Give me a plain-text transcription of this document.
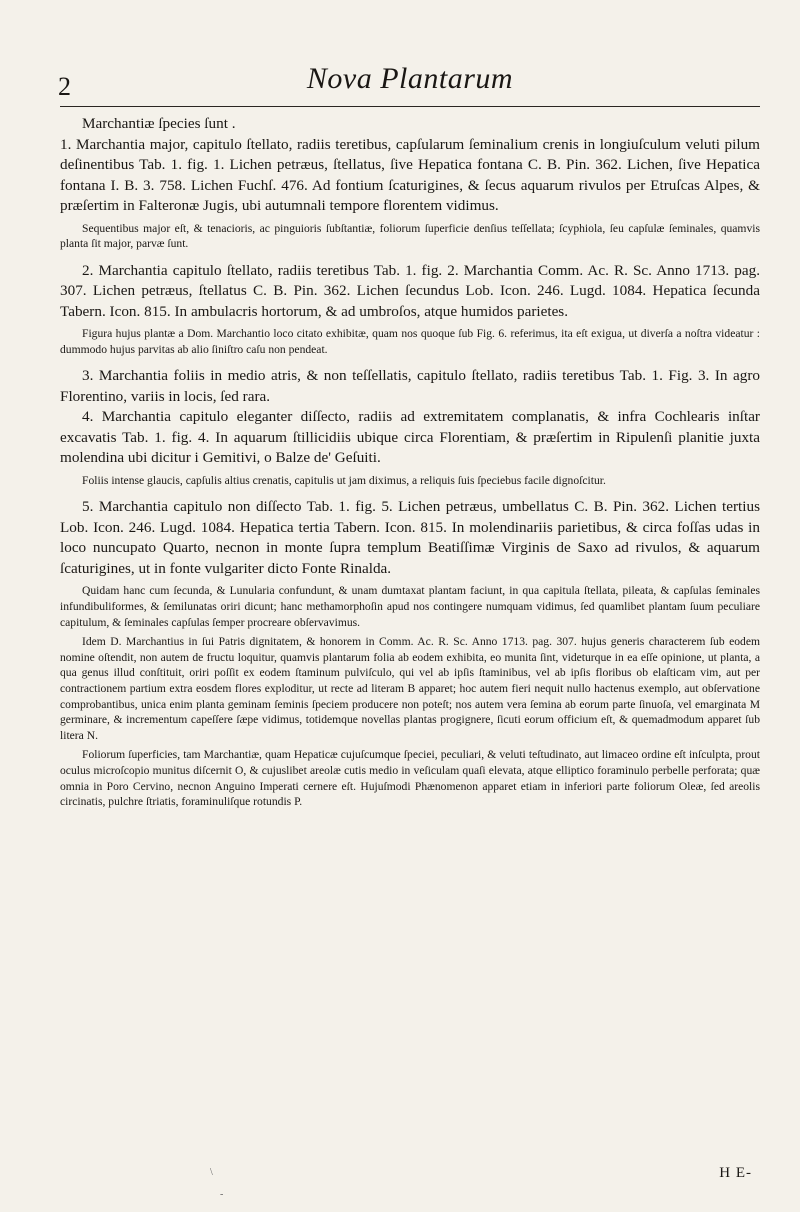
2	Nova Plantarum

Marchantiæ ſpecies ſunt .

1. Marchantia major, capitulo ſtellato, radiis teretibus, capſularum ſeminalium crenis in longiuſculum veluti pilum deſinentibus Tab. 1. fig. 1. Lichen petræus, ſtellatus, ſive Hepatica fontana C. B. Pin. 362. Lichen, ſive Hepatica fontana I. B. 3. 758. Lichen Fuchſ. 476. Ad fontium ſcaturigines, & ſecus aquarum rivulos per Etruſcas Alpes, & præſertim in Falteronæ Jugis, ubi autumnali tempore florentem vidimus.

Sequentibus major eſt, & tenacioris, ac pinguioris ſubſtantiæ, foliorum ſuperficie denſius teſſellata; ſcyphiola, ſeu capſulæ ſeminales, quamvis planta ſit major, parvæ ſunt.

2. Marchantia capitulo ſtellato, radiis teretibus Tab. 1. fig. 2. Marchantia Comm. Ac. R. Sc. Anno 1713. pag. 307. Lichen petræus, ſtellatus C. B. Pin. 362. Lichen ſecundus Lob. Icon. 246. Lugd. 1084. Hepatica ſecunda Tabern. Icon. 815. In ambulacris hortorum, & ad umbroſos, atque humidos parietes.

Figura hujus plantæ a Dom. Marchantio loco citato exhibitæ, quam nos quoque ſub Fig. 6. referimus, ita eſt exigua, ut diverſa a noſtra videatur : dummodo hujus parvitas ab alio ſiniſtro caſu non pendeat.

3. Marchantia foliis in medio atris, & non teſſellatis, capitulo ſtellato, radiis teretibus Tab. 1. Fig. 3. In agro Florentino, variis in locis, ſed rara.

4. Marchantia capitulo eleganter diſſecto, radiis ad extremitatem complanatis, & infra Cochlearis inſtar excavatis Tab. 1. fig. 4. In aquarum ſtillicidiis ubique circa Florentiam, & præſertim in Ripulenſi planitie juxta molendina ubi dicitur i Gemitivi, o Balze de' Geſuiti.

Foliis intense glaucis, capſulis altius crenatis, capitulis ut jam diximus, a reliquis ſuis ſpeciebus facile dignoſcitur.

5. Marchantia capitulo non diſſecto Tab. 1. fig. 5. Lichen petræus, umbellatus C. B. Pin. 362. Lichen tertius Lob. Icon. 246. Lugd. 1084. Hepatica tertia Tabern. Icon. 815. In molendinariis parietibus, & circa foſſas udas in loco nuncupato Quarto, necnon in monte ſupra templum Beatiſſimæ Virginis de Saxo ad rivulos, & aquarum ſcaturigines, ut in fonte vulgariter dicto Fonte Rinalda.

Quidam hanc cum ſecunda, & Lunularia confundunt, & unam dumtaxat plantam faciunt, in qua capitula ſtellata, pileata, & capſulas ſeminales infundibuliformes, & ſemilunatas oriri dicunt; hanc methamorphoſin apud nos contingere numquam vidimus, ſed quamlibet plantam ſuum peculiare capitulum, & ſeminales capſulas ſemper procreare obſervavimus.

Idem D. Marchantius in ſui Patris dignitatem, & honorem in Comm. Ac. R. Sc. Anno 1713. pag. 307. hujus generis characterem ſub eodem nomine oſtendit, non autem de fructu loquitur, quamvis plantarum folia ab eodem exhibita, eo munita ſint, videturque in ea eſſe opinione, ut planta, a qua genus illud conſtituit, oriri poſſit ex eodem ſtaminum pulviſculo, qui vel ab ipſis ſtaminibus, vel ab ipſis floribus ob elaſticam vim, aut per contractionem partium extra eosdem flores exploditur, ut recte ad literam B apparet; hoc autem fieri nequit nullo hactenus exemplo, aut obſervatione comprobantibus, unica enim planta geminam ſeminis ſpeciem producere non poteſt; nos autem vera ſemina ab eorum parte ſinuoſa, vel emarginata M germinare, & incrementum capeſſere ſæpe vidimus, totidemque novellas plantas progignere, ſicuti eorum officium eſt, & quemadmodum apparet ſub litera N.

Foliorum ſuperficies, tam Marchantiæ, quam Hepaticæ cujuſcumque ſpeciei, peculiari, & veluti teſtudinato, aut limaceo ordine eſt inſculpta, prout oculus microſcopio munitus diſcernit O, & cujuslibet areolæ cutis medio in veſiculam quaſi elevata, atque elliptico foraminulo perbelle perforata; quæ omnia in Poro Cervino, necnon Anguino Imperati cernere eſt. Hujuſmodi Phænomenon apparet etiam in inferiori parte foliorum Oleæ, ſed areolis circinatis, pulchre ſtriatis, foraminuliſque rotundis P.

\
-
H E-
